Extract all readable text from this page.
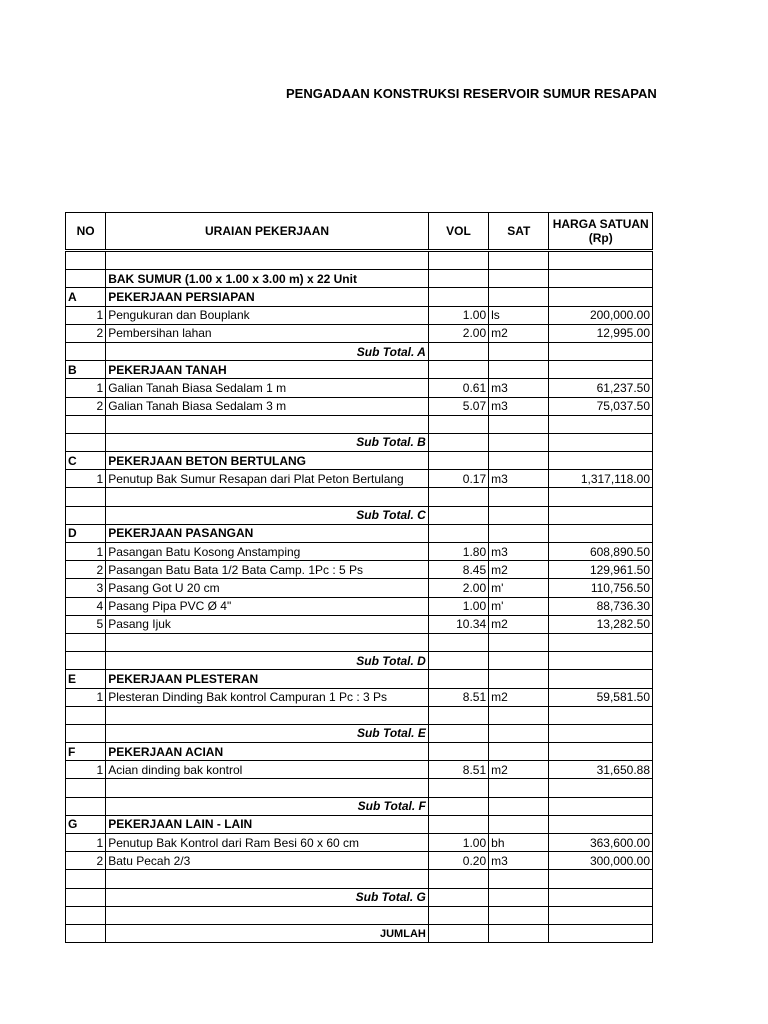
PENGADAAN KONSTRUKSI RESERVOIR SUMUR RESAPAN
NO	URAIAN PEKERJAAN	VOL	SAT	HARGA SATUAN (Rp)

	BAK SUMUR (1.00 x 1.00 x 3.00 m) x 22 Unit			
A	PEKERJAAN PERSIAPAN			
1	Pengukuran dan Bouplank	1.00	ls	200,000.00
2	Pembersihan lahan	2.00	m2	12,995.00
	Sub Total. A			
B	PEKERJAAN TANAH			
1	Galian Tanah Biasa Sedalam 1 m	0.61	m3	61,237.50
2	Galian Tanah Biasa Sedalam 3 m	5.07	m3	75,037.50

	Sub Total. B			
C	PEKERJAAN BETON BERTULANG			
1	Penutup Bak Sumur Resapan dari Plat Peton Bertulang	0.17	m3	1,317,118.00

	Sub Total. C			
D	PEKERJAAN PASANGAN			
1	Pasangan Batu Kosong Anstamping	1.80	m3	608,890.50
2	Pasangan Batu Bata 1/2 Bata Camp. 1Pc : 5 Ps	8.45	m2	129,961.50
3	Pasang Got U 20 cm	2.00	m'	110,756.50
4	Pasang Pipa PVC Ø 4"	1.00	m'	88,736.30
5	Pasang Ijuk	10.34	m2	13,282.50

	Sub Total. D			
E	PEKERJAAN PLESTERAN			
1	Plesteran Dinding Bak kontrol Campuran 1 Pc : 3 Ps	8.51	m2	59,581.50

	Sub Total. E			
F	PEKERJAAN ACIAN			
1	Acian dinding bak kontrol	8.51	m2	31,650.88

	Sub Total. F			
G	PEKERJAAN LAIN - LAIN			
1	Penutup Bak Kontrol dari Ram Besi 60 x 60 cm	1.00	bh	363,600.00
2	Batu Pecah 2/3	0.20	m3	300,000.00

	Sub Total. G			

	JUMLAH			
